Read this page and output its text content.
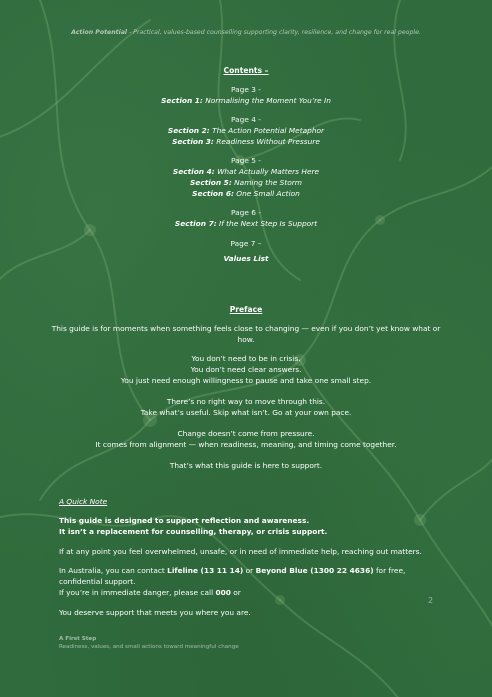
Action Potential - Practical, values-based counselling supporting clarity, resilience, and change for real people.
Contents –
Page 3 -
Section 1: Normalising the Moment You’re In
Page 4 -
Section 2: The Action Potential Metaphor
Section 3: Readiness Without Pressure
Page 5 -
Section 4: What Actually Matters Here
Section 5: Naming the Storm
Section 6: One Small Action
Page 6 -
Section 7: If the Next Step Is Support
Page 7 –
Values List
Preface
This guide is for moments when something feels close to changing — even if you don’t yet know what or how.
You don’t need to be in crisis.
You don’t need clear answers.
You just need enough willingness to pause and take one small step.
There’s no right way to move through this.
Take what’s useful. Skip what isn’t. Go at your own pace.
Change doesn’t come from pressure.
It comes from alignment — when readiness, meaning, and timing come together.
That’s what this guide is here to support.
A Quick Note
This guide is designed to support reflection and awareness.
It isn’t a replacement for counselling, therapy, or crisis support.
If at any point you feel overwhelmed, unsafe, or in need of immediate help, reaching out matters.
In Australia, you can contact Lifeline (13 11 14) or Beyond Blue (1300 22 4636) for free, confidential support.
If you’re in immediate danger, please call 000 or
You deserve support that meets you where you are.
2
A First Step
Readiness, values, and small actions toward meaningful change
